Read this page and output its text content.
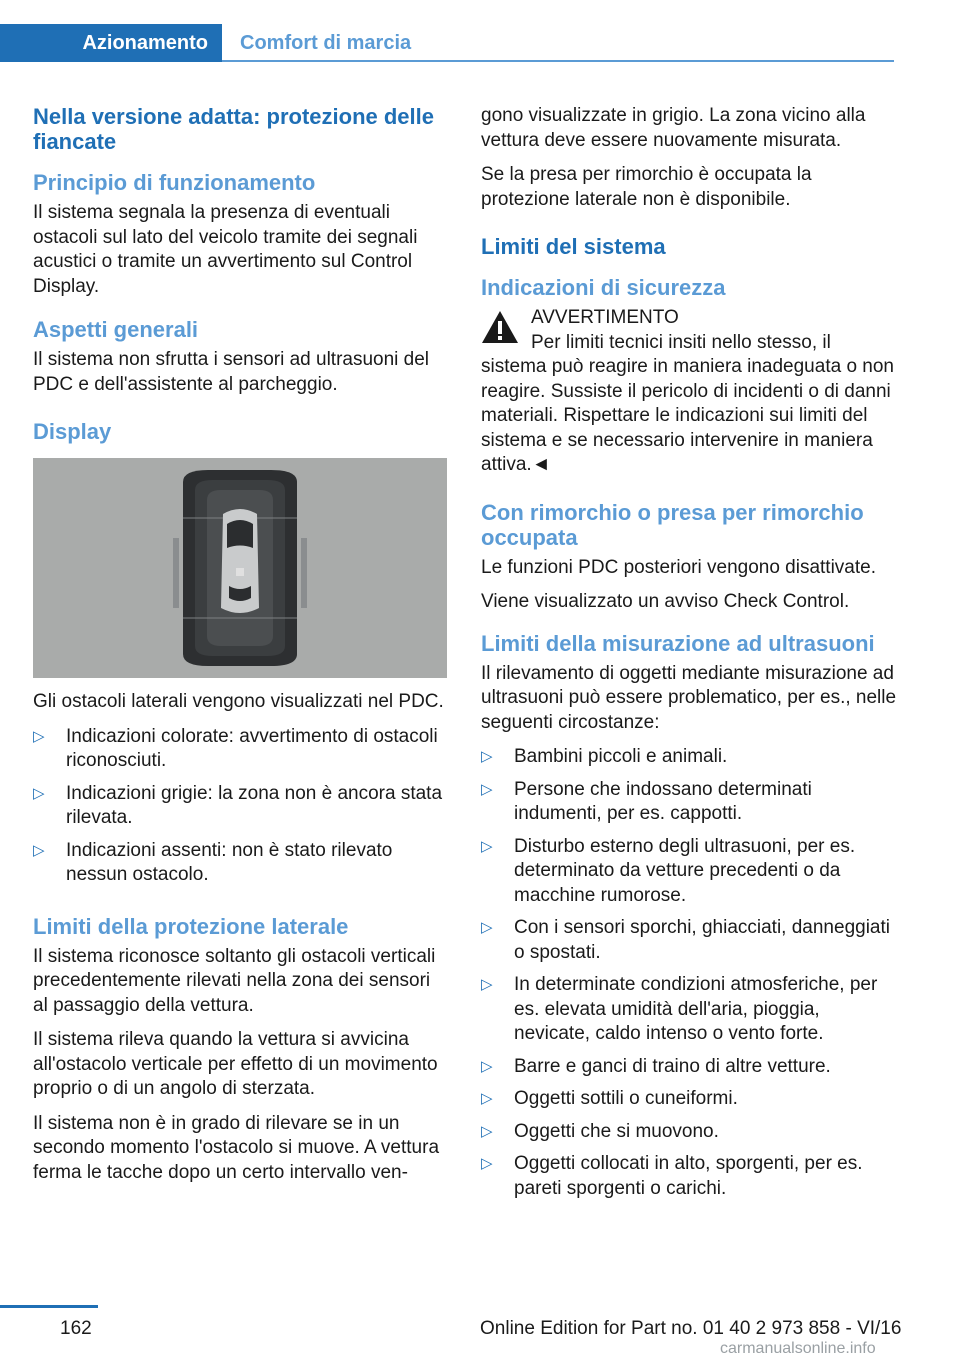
Azionamento	Comfort di marcia
Nella versione adatta: protezione delle fiancate
Principio di funzionamento

Il sistema segnala la presenza di eventuali ostacoli sul lato del veicolo tramite dei segnali acustici o tramite un avvertimento sul Control Display.

Aspetti generali

Il sistema non sfrutta i sensori ad ultrasuoni del PDC e dell'assistente al parcheggio.

Display

Gli ostacoli laterali vengono visualizzati nel PDC.

▷ Indicazioni colorate: avvertimento di ostacoli riconosciuti.
▷ Indicazioni grigie: la zona non è ancora stata rilevata.
▷ Indicazioni assenti: non è stato rilevato nessun ostacolo.
Limiti della protezione laterale

Il sistema riconosce soltanto gli ostacoli verticali precedentemente rilevati nella zona dei sensori al passaggio della vettura.

Il sistema rileva quando la vettura si avvicina all'ostacolo verticale per effetto di un movimento proprio o di un angolo di sterzata.

Il sistema non è in grado di rilevare se in un secondo momento l'ostacolo si muove. A vettura ferma le tacche dopo un certo intervallo ven-

gono visualizzate in grigio. La zona vicino alla vettura deve essere nuovamente misurata.

Se la presa per rimorchio è occupata la protezione laterale non è disponibile.

Limiti del sistema
Indicazioni di sicurezza
AVVERTIMENTO

Per limiti tecnici insiti nello stesso, il sistema può reagire in maniera inadeguata o non reagire. Sussiste il pericolo di incidenti o di danni materiali. Rispettare le indicazioni sui limiti del sistema e se necessario intervenire in maniera attiva.◄

Con rimorchio o presa per rimorchio occupata

Le funzioni PDC posteriori vengono disattivate.

Viene visualizzato un avviso Check Control.

Limiti della misurazione ad ultrasuoni

Il rilevamento di oggetti mediante misurazione ad ultrasuoni può essere problematico, per es., nelle seguenti circostanze:

▷ Bambini piccoli e animali.
▷ Persone che indossano determinati indumenti, per es. cappotti.
▷ Disturbo esterno degli ultrasuoni, per es. determinato da vetture precedenti o da macchine rumorose.
▷ Con i sensori sporchi, ghiacciati, danneggiati o spostati.
▷ In determinate condizioni atmosferiche, per es. elevata umidità dell'aria, pioggia, nevicate, caldo intenso o vento forte.
▷ Barre e ganci di traino di altre vetture.
▷ Oggetti sottili o cuneiformi.
▷ Oggetti che si muovono.
▷ Oggetti collocati in alto, sporgenti, per es. pareti sporgenti o carichi.
162	Online Edition for Part no. 01 40 2 973 858 - VI/16
carmanualsonline.info
